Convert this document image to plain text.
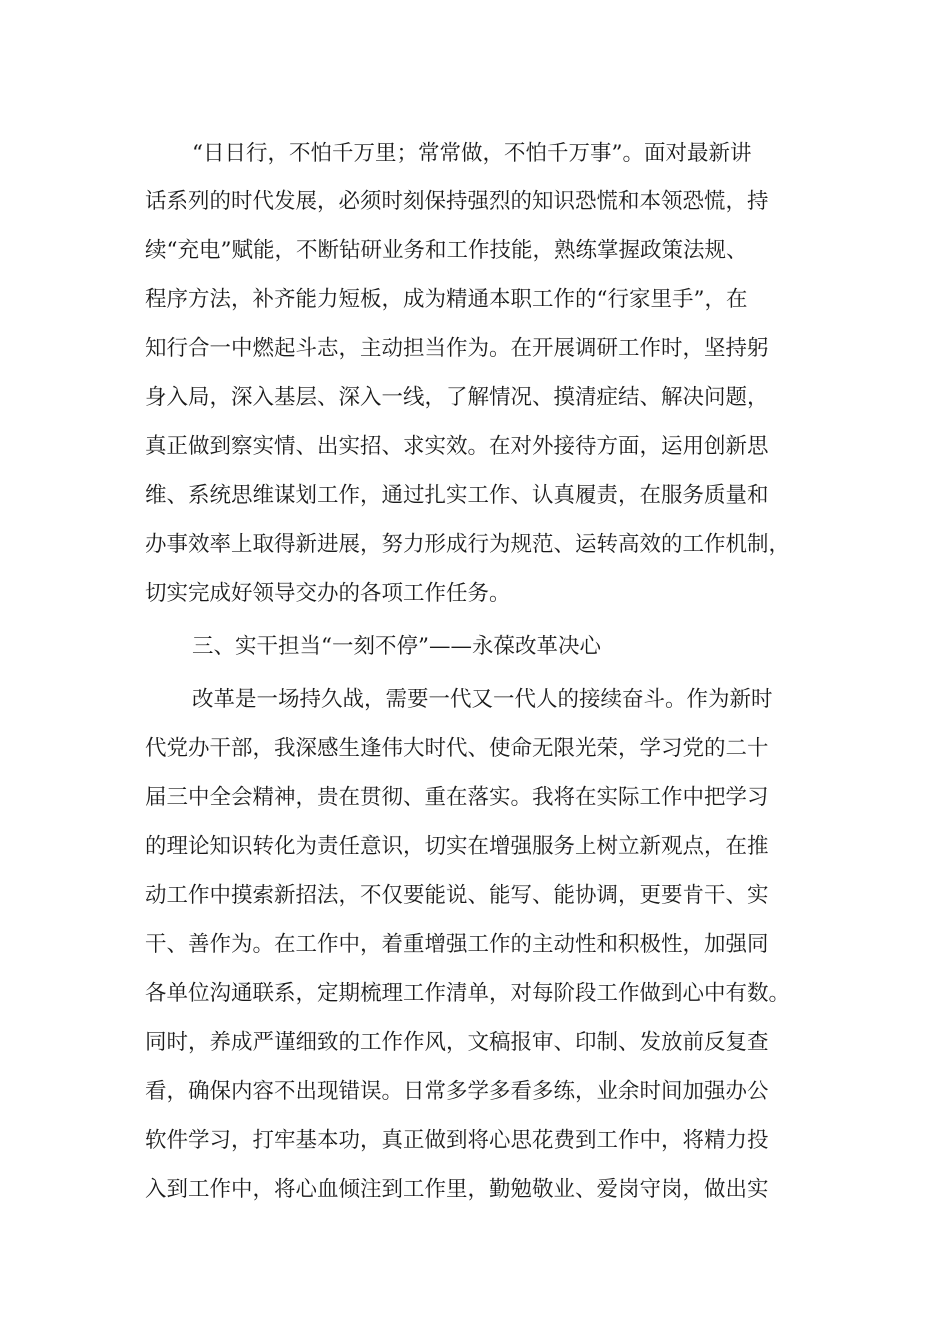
“日日行，不怕千万里；常常做，不怕千万事”。面对最新讲
话系列的时代发展，必须时刻保持强烈的知识恐慌和本领恐慌，持
续“充电”赋能，不断钻研业务和工作技能，熟练掌握政策法规、
程序方法，补齐能力短板，成为精通本职工作的“行家里手”，在
知行合一中燃起斗志，主动担当作为。在开展调研工作时，坚持躬
身入局，深入基层、深入一线，了解情况、摸清症结、解决问题，
真正做到察实情、出实招、求实效。在对外接待方面，运用创新思
维、系统思维谋划工作，通过扎实工作、认真履责，在服务质量和
办事效率上取得新进展，努力形成行为规范、运转高效的工作机制，
切实完成好领导交办的各项工作任务。
三、实干担当“一刻不停”——永葆改革决心
改革是一场持久战，需要一代又一代人的接续奋斗。作为新时
代党办干部，我深感生逢伟大时代、使命无限光荣，学习党的二十
届三中全会精神，贵在贯彻、重在落实。我将在实际工作中把学习
的理论知识转化为责任意识，切实在增强服务上树立新观点，在推
动工作中摸索新招法，不仅要能说、能写、能协调，更要肯干、实
干、善作为。在工作中，着重增强工作的主动性和积极性，加强同
各单位沟通联系，定期梳理工作清单，对每阶段工作做到心中有数。
同时，养成严谨细致的工作作风，文稿报审、印制、发放前反复查
看，确保内容不出现错误。日常多学多看多练，业余时间加强办公
软件学习，打牢基本功，真正做到将心思花费到工作中，将精力投
入到工作中，将心血倾注到工作里，勤勉敬业、爱岗守岗，做出实
